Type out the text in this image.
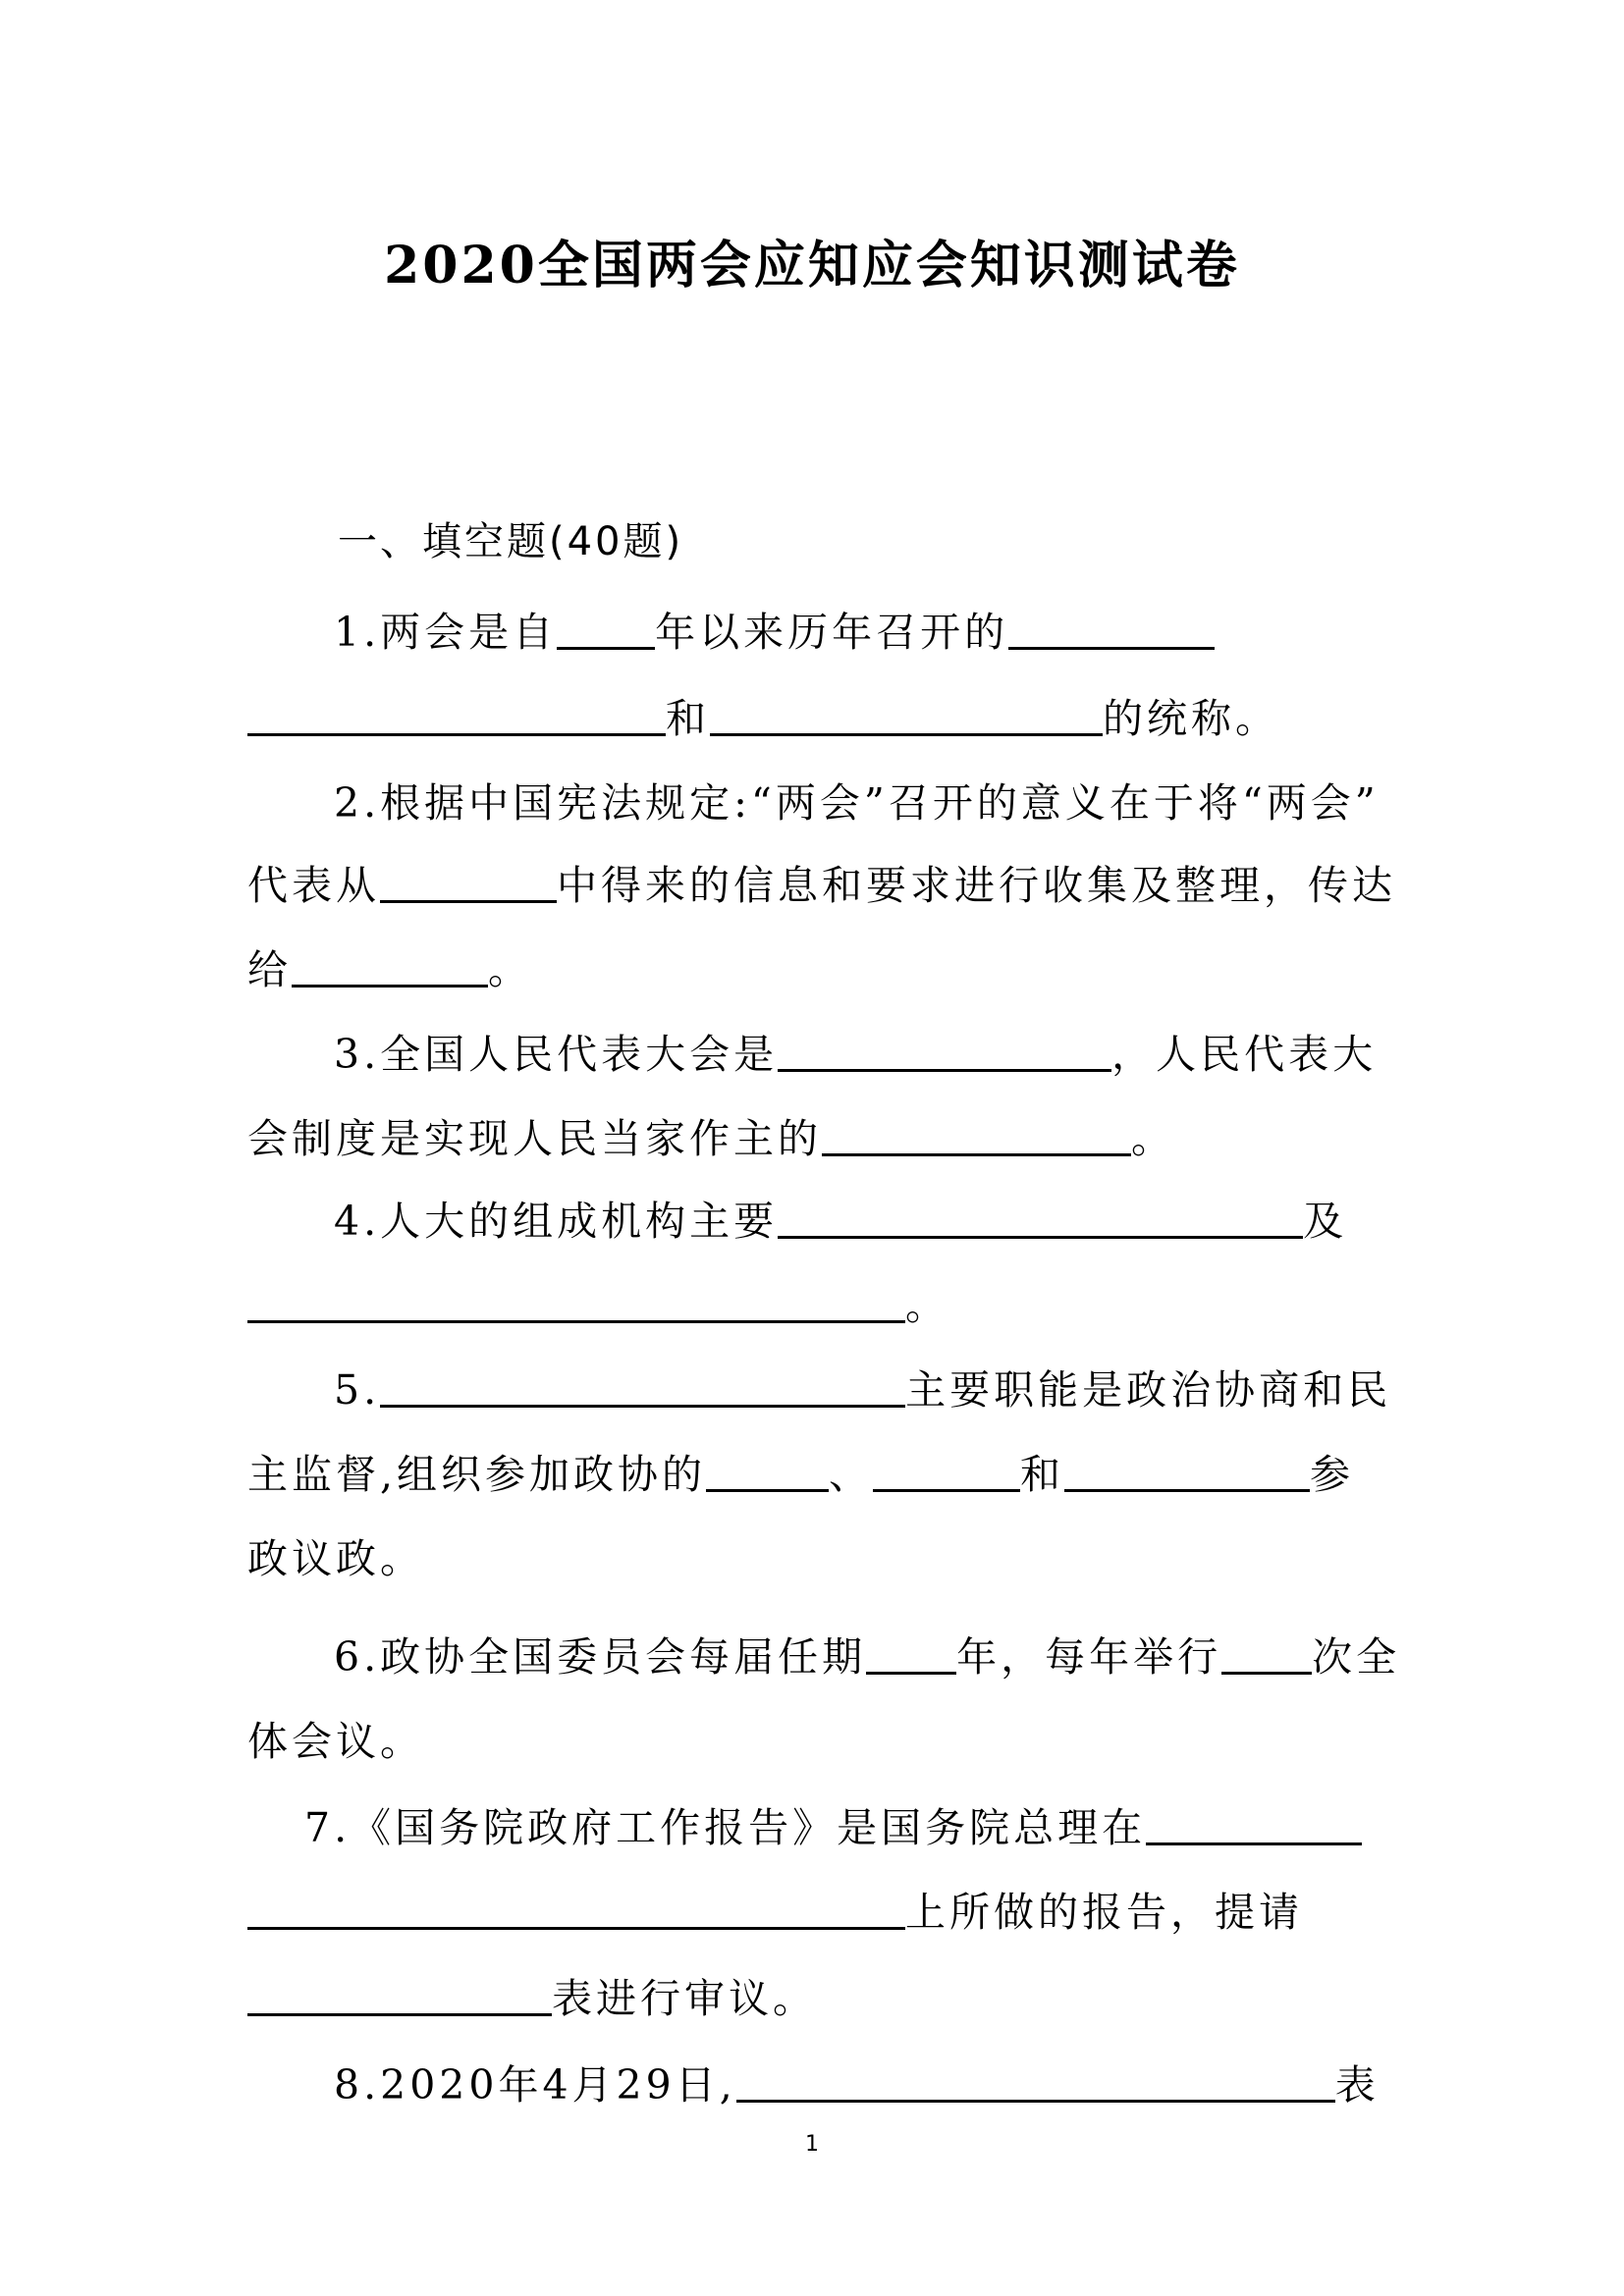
2020全国两会应知应会知识测试卷
一、填空题(40题)
1.两会是自 年以来历年召开的
和	的统称。
2.根据中国宪法规定:“两会”召开的意义在于将“两会”
代表从	中得来的信息和要求进行收集及整理，传达
给	。
3.全国人民代表大会是	，人民代表大
会制度是实现人民当家作主的	。
4.人大的组成机构主要	及
。
5.	主要职能是政治协商和民
主监督,组织参加政协的	、	和	参
政议政。
6.政协全国委员会每届任期 年，每年举行 次全
体会议。
7.《国务院政府工作报告》是国务院总理在
上所做的报告，提请
表进行审议。
8.2020年4月29日,	表
1
